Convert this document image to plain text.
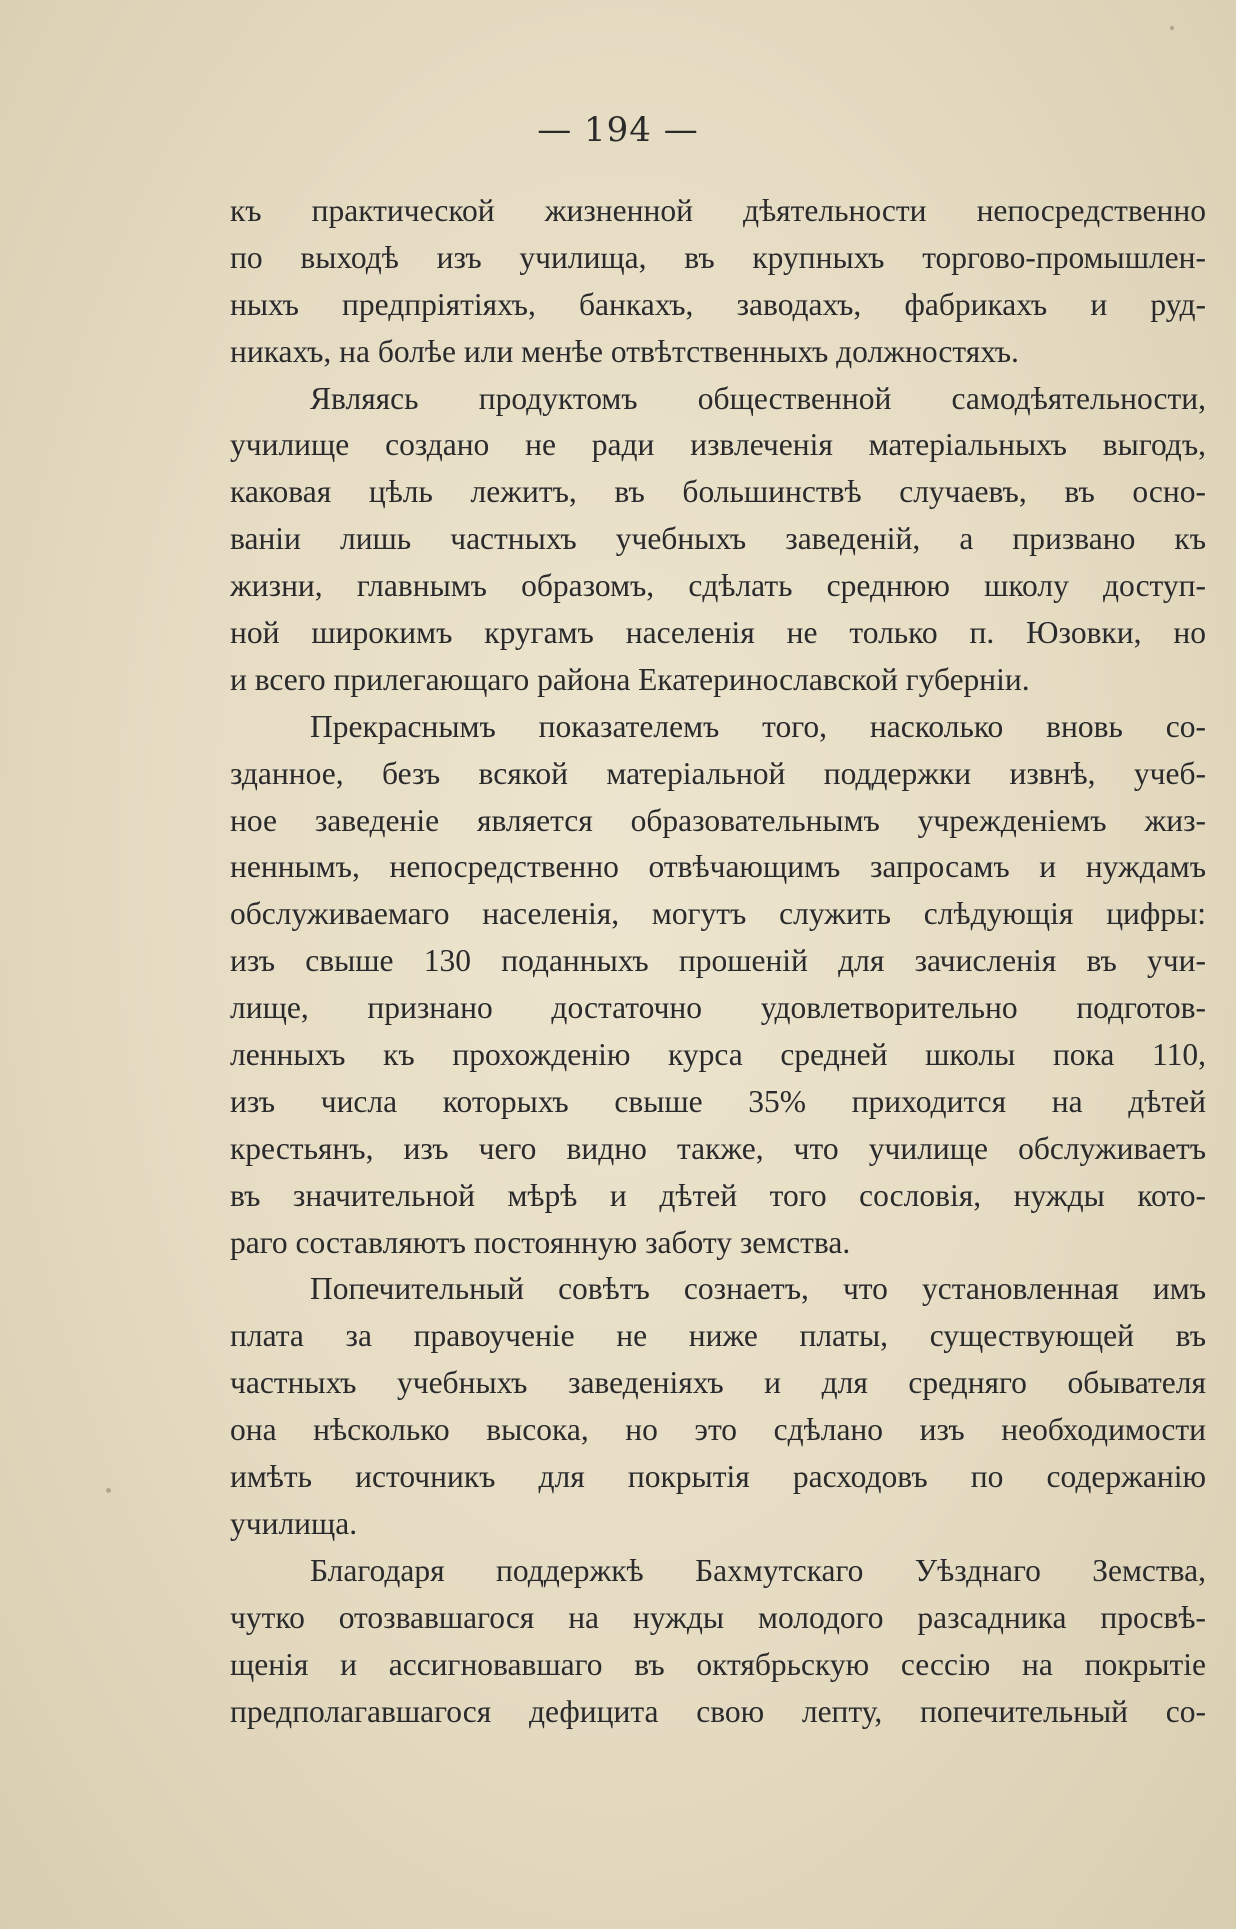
— 194 —
къ практической жизненной дѣятельности непосредственно
по выходѣ изъ училища, въ крупныхъ торгово-промышлен-
ныхъ предпріятіяхъ, банкахъ, заводахъ, фабрикахъ и руд-
никахъ, на болѣе или менѣе отвѣтственныхъ должностяхъ.
Являясь продуктомъ общественной самодѣятельности,
училище создано не ради извлеченія матеріальныхъ выгодъ,
каковая цѣль лежитъ, въ большинствѣ случаевъ, въ осно-
ваніи лишь частныхъ учебныхъ заведеній, а призвано къ
жизни, главнымъ образомъ, сдѣлать среднюю школу доступ-
ной широкимъ кругамъ населенія не только п. Юзовки, но
и всего прилегающаго района Екатеринославской губерніи.
Прекраснымъ показателемъ того, насколько вновь со-
зданное, безъ всякой матеріальной поддержки извнѣ, учеб-
ное заведеніе является образовательнымъ учрежденіемъ жиз-
неннымъ, непосредственно отвѣчающимъ запросамъ и нуждамъ
обслуживаемаго населенія, могутъ служить слѣдующія цифры:
изъ свыше 130 поданныхъ прошеній для зачисленія въ учи-
лище, признано достаточно удовлетворительно подготов-
ленныхъ къ прохожденію курса средней школы пока 110,
изъ числа которыхъ свыше 35% приходится на дѣтей
крестьянъ, изъ чего видно также, что училище обслуживаетъ
въ значительной мѣрѣ и дѣтей того сословія, нужды кото-
раго составляютъ постоянную заботу земства.
Попечительный совѣтъ сознаетъ, что установленная имъ
плата за правоученіе не ниже платы, существующей въ
частныхъ учебныхъ заведеніяхъ и для средняго обывателя
она нѣсколько высока, но это сдѣлано изъ необходимости
имѣть источникъ для покрытія расходовъ по содержанію
училища.
Благодаря поддержкѣ Бахмутскаго Уѣзднаго Земства,
чутко отозвавшагося на нужды молодого разсадника просвѣ-
щенія и ассигновавшаго въ октябрьскую сессію на покрытіе
предполагавшагося дефицита свою лепту, попечительный со-
